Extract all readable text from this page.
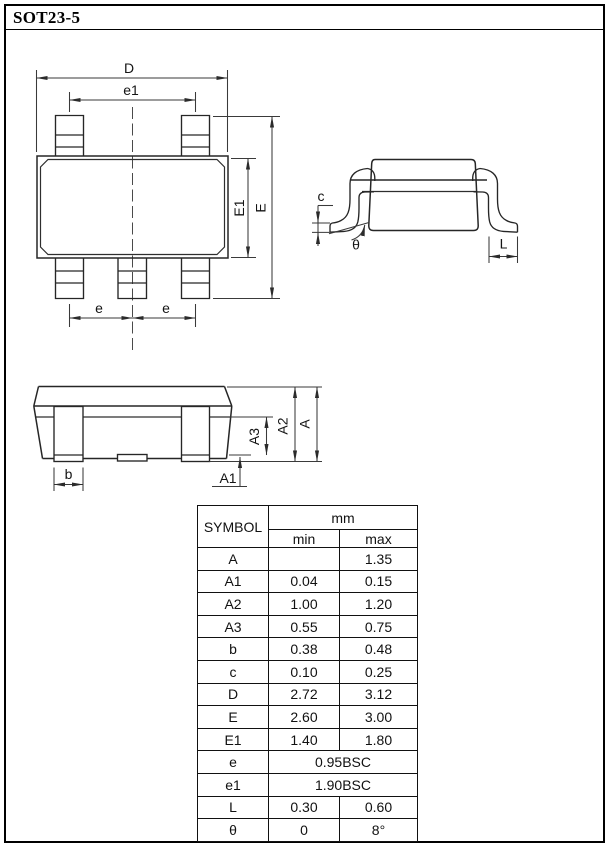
SOT23-5
D
e1
E
E1
e	e
c
θ	L
b
A3
A2 A
A1
SYMBOL	mm	
	min	max
A		1.35
A1	0.04	0.15
A2	1.00	1.20
A3	0.55	0.75
b	0.38	0.48
c	0.10	0.25
D	2.72	3.12
E	2.60	3.00
E1	1.40	1.80
e	0.95BSC	
e1	1.90BSC	
L	0.30	0.60
θ	0	8°
